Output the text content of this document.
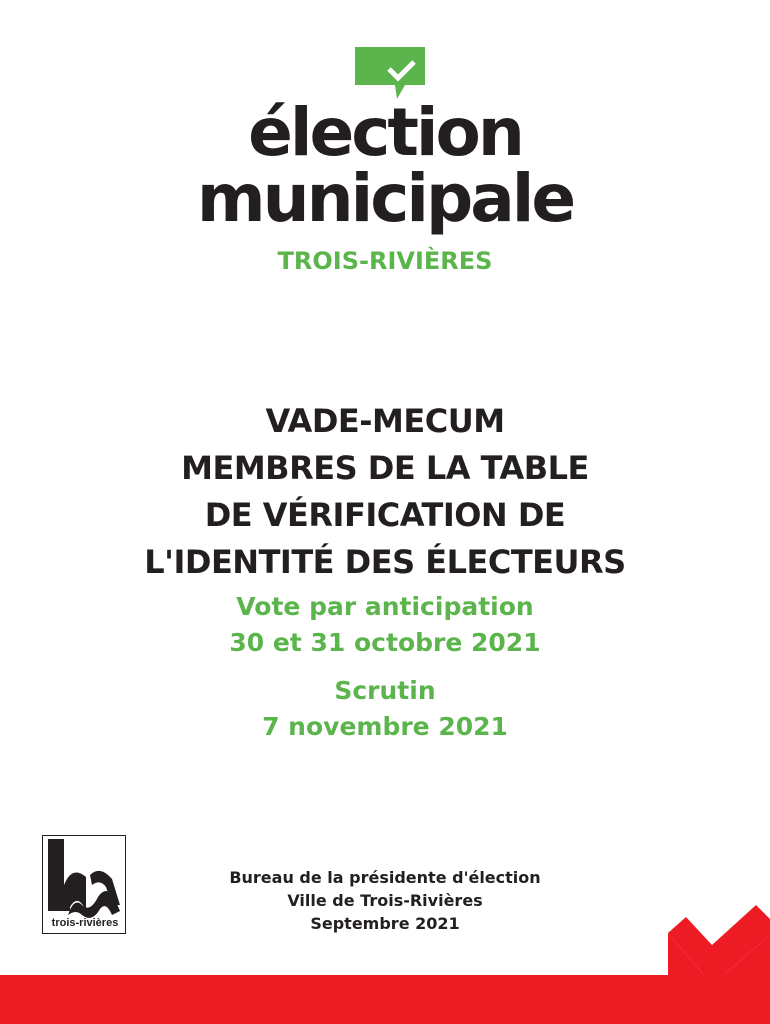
élection
municipale
TROIS-RIVIÈRES
VADE-MECUM
MEMBRES DE LA TABLE
DE VÉRIFICATION DE
L'IDENTITÉ DES ÉLECTEURS
Vote par anticipation
30 et 31 octobre 2021
Scrutin
7 novembre 2021
trois-rivières
Bureau de la présidente d'élection
Ville de Trois-Rivières
Septembre 2021
